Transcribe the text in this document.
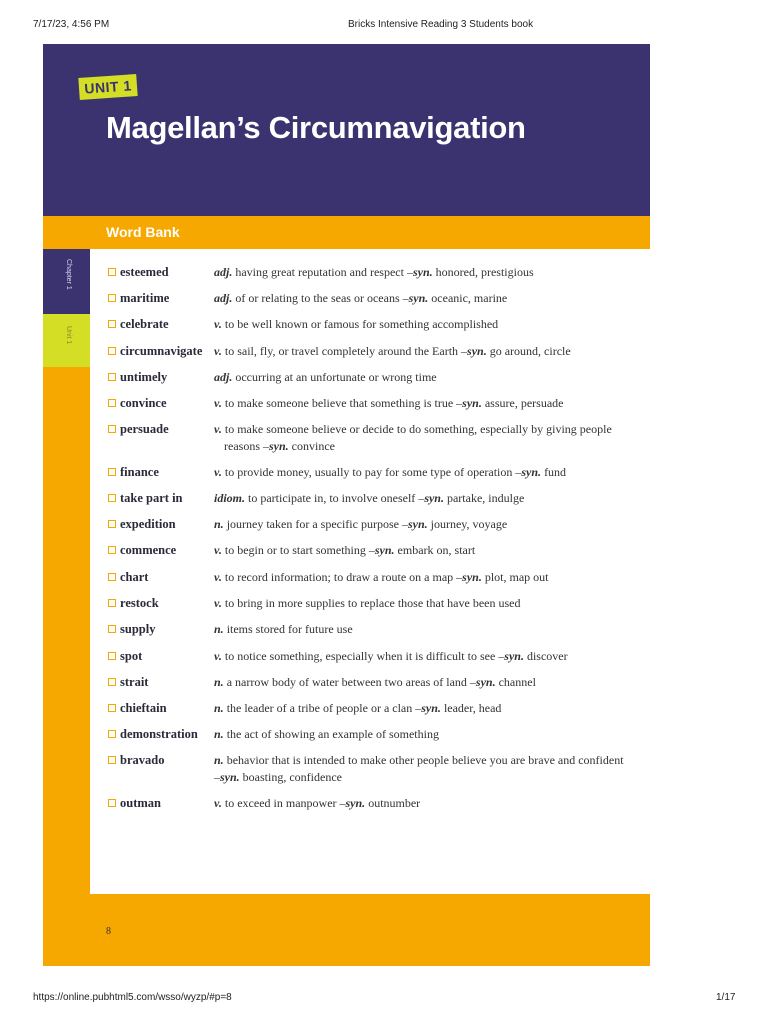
7/17/23, 4:56 PM	Bricks Intensive Reading 3 Students book
UNIT 1
Magellan’s Circumnavigation
Word Bank
Chapter 1
Unit 1
esteemed	adj. having great reputation and respect –syn. honored, prestigious
maritime	adj. of or relating to the seas or oceans –syn. oceanic, marine
celebrate	v. to be well known or famous for something accomplished
circumnavigate v. to sail, fly, or travel completely around the Earth –syn. go around, circle
untimely	adj. occurring at an unfortunate or wrong time
convince	v. to make someone believe that something is true –syn. assure, persuade
persuade	v. to make someone believe or decide to do something, especially by giving people
reasons –syn. convince
finance	v. to provide money, usually to pay for some type of operation –syn. fund
take part in	idiom. to participate in, to involve oneself –syn. partake, indulge
expedition	n. journey taken for a specific purpose –syn. journey, voyage
commence	v. to begin or to start something –syn. embark on, start
chart	v. to record information; to draw a route on a map –syn. plot, map out
restock	v. to bring in more supplies to replace those that have been used
supply	n. items stored for future use
spot	v. to notice something, especially when it is difficult to see –syn. discover
strait	n. a narrow body of water between two areas of land –syn. channel
chieftain	n. the leader of a tribe of people or a clan –syn. leader, head
demonstration n. the act of showing an example of something
bravado	n. behavior that is intended to make other people believe you are brave and confident
–syn. boasting, confidence
outman	v. to exceed in manpower –syn. outnumber
8
https://online.pubhtml5.com/wsso/wyzp/#p=8	1/17
